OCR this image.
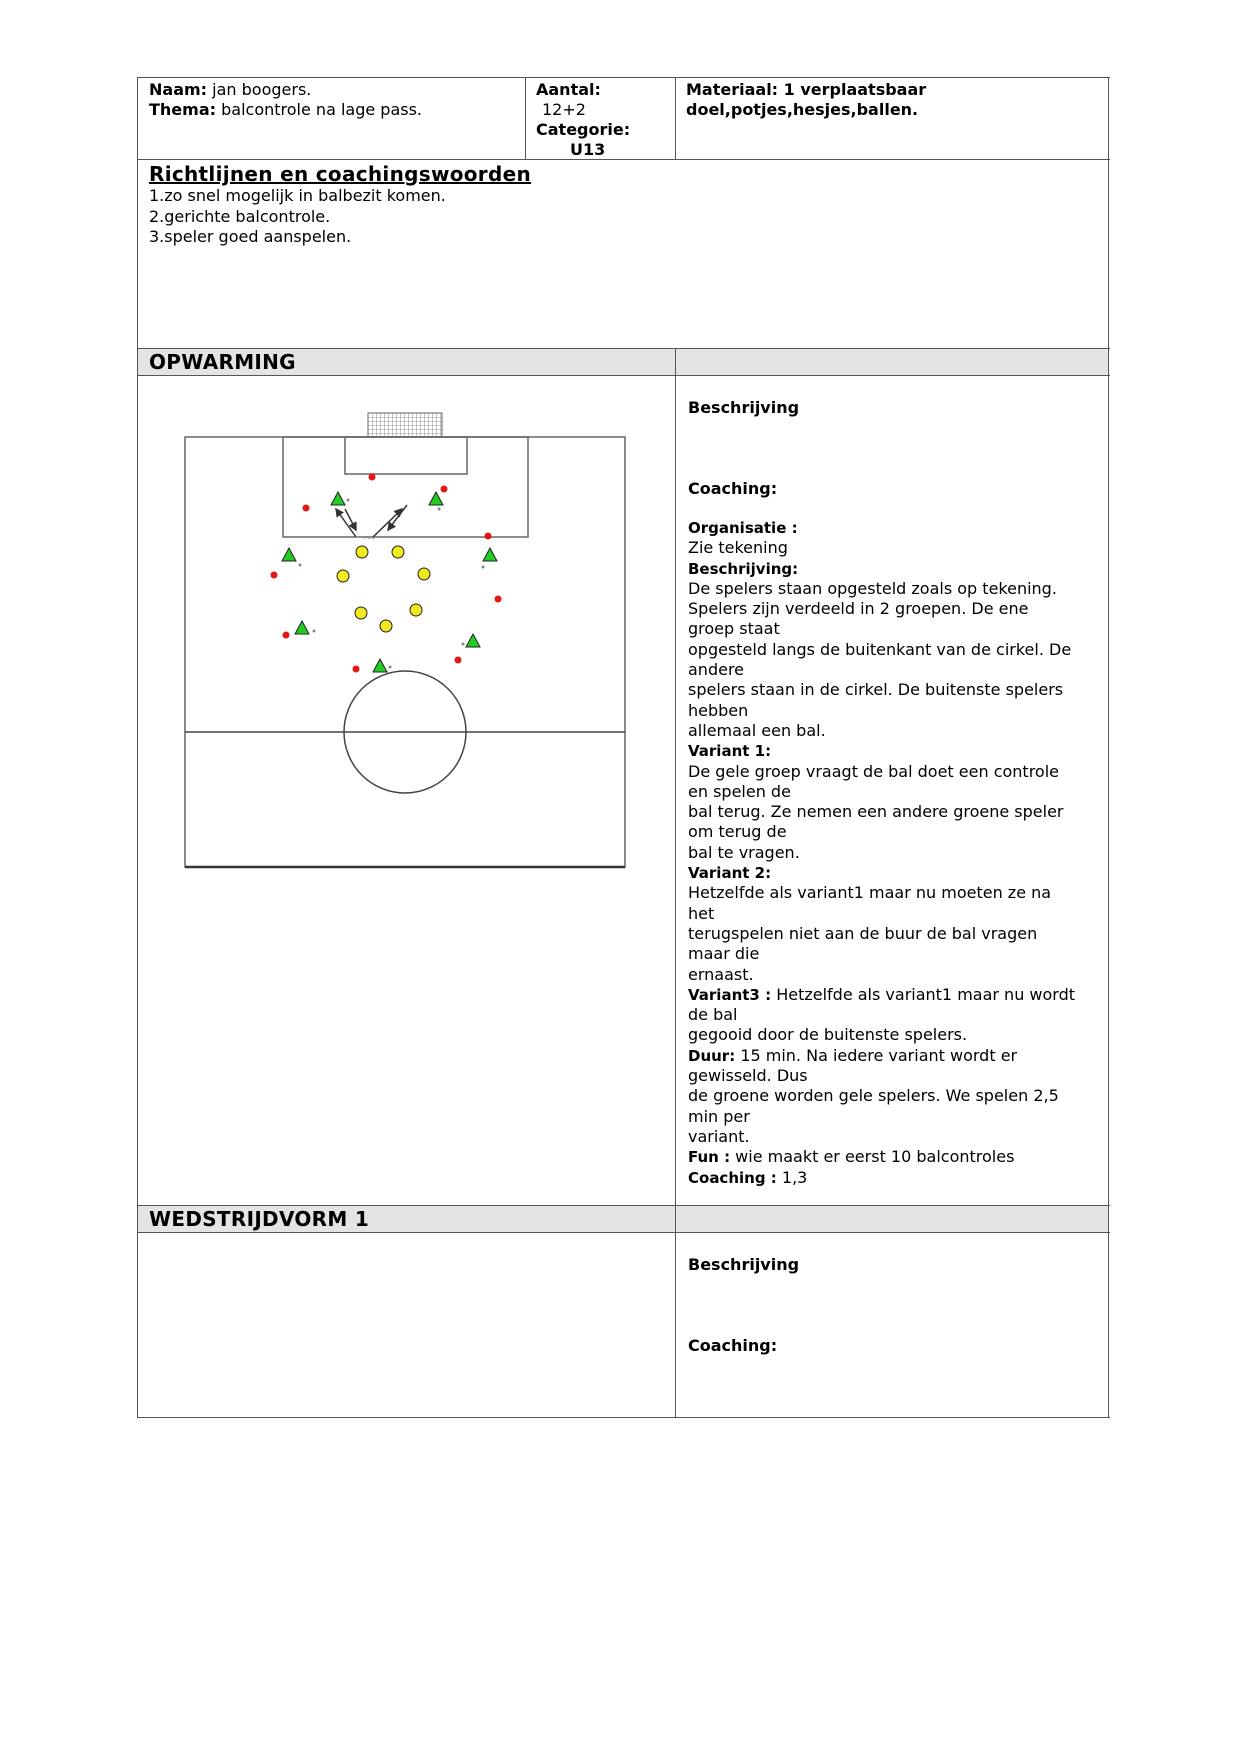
Naam: jan boogers.
Thema: balcontrole na lage pass.
Aantal:
12+2
Categorie:
U13
Materiaal: 1 verplaatsbaar
doel,potjes,hesjes,ballen.
Richtlijnen en coachingswoorden
1.zo snel mogelijk in balbezit komen.
2.gerichte balcontrole.
3.speler goed aanspelen.
OPWARMING
Beschrijving
Coaching:
Organisatie :
Zie tekening
Beschrijving:
De spelers staan opgesteld zoals op tekening.
Spelers zijn verdeeld in 2 groepen. De ene
groep staat
opgesteld langs de buitenkant van de cirkel. De
andere
spelers staan in de cirkel. De buitenste spelers
hebben
allemaal een bal.
Variant 1:
De gele groep vraagt de bal doet een controle
en spelen de
bal terug. Ze nemen een andere groene speler
om terug de
bal te vragen.
Variant 2:
Hetzelfde als variant1 maar nu moeten ze na
het
terugspelen niet aan de buur de bal vragen
maar die
ernaast.
Variant3 : Hetzelfde als variant1 maar nu wordt
de bal
gegooid door de buitenste spelers.
Duur: 15 min. Na iedere variant wordt er
gewisseld. Dus
de groene worden gele spelers. We spelen 2,5
min per
variant.
Fun : wie maakt er eerst 10 balcontroles
Coaching : 1,3
WEDSTRIJDVORM 1
Beschrijving
Coaching:
